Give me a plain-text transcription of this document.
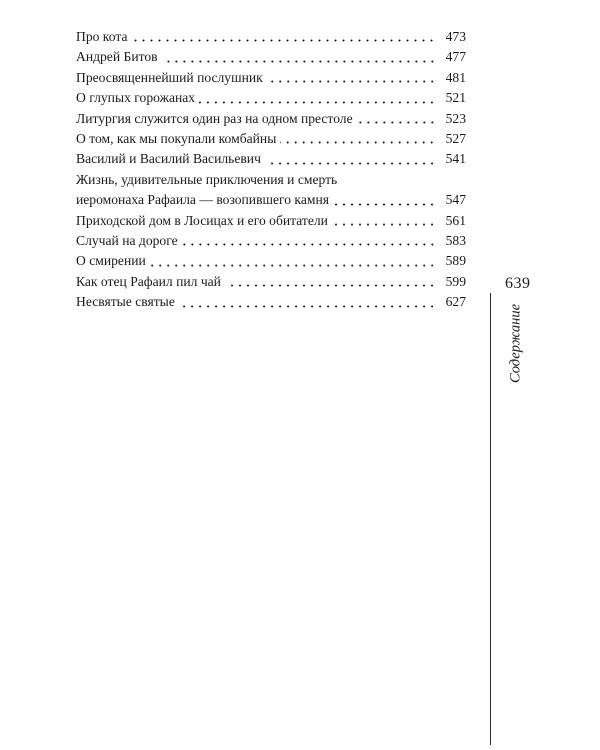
Про кота	473
Андрей Битов	477
Преосвященнейший послушник	481
О глупых горожанах	521
Литургия служится один раз на одном престоле	523
О том, как мы покупали комбайны	527
Василий и Василий Васильевич	541
Жизнь, удивительные приключения и смерть
иеромонаха Рафаила — возопившего камня	547
Приходской дом в Лосицах и его обитатели	561
Случай на дороге	583
О смирении	589
Как отец Рафаил пил чай	599
Несвятые святые	627
639
Содержание
